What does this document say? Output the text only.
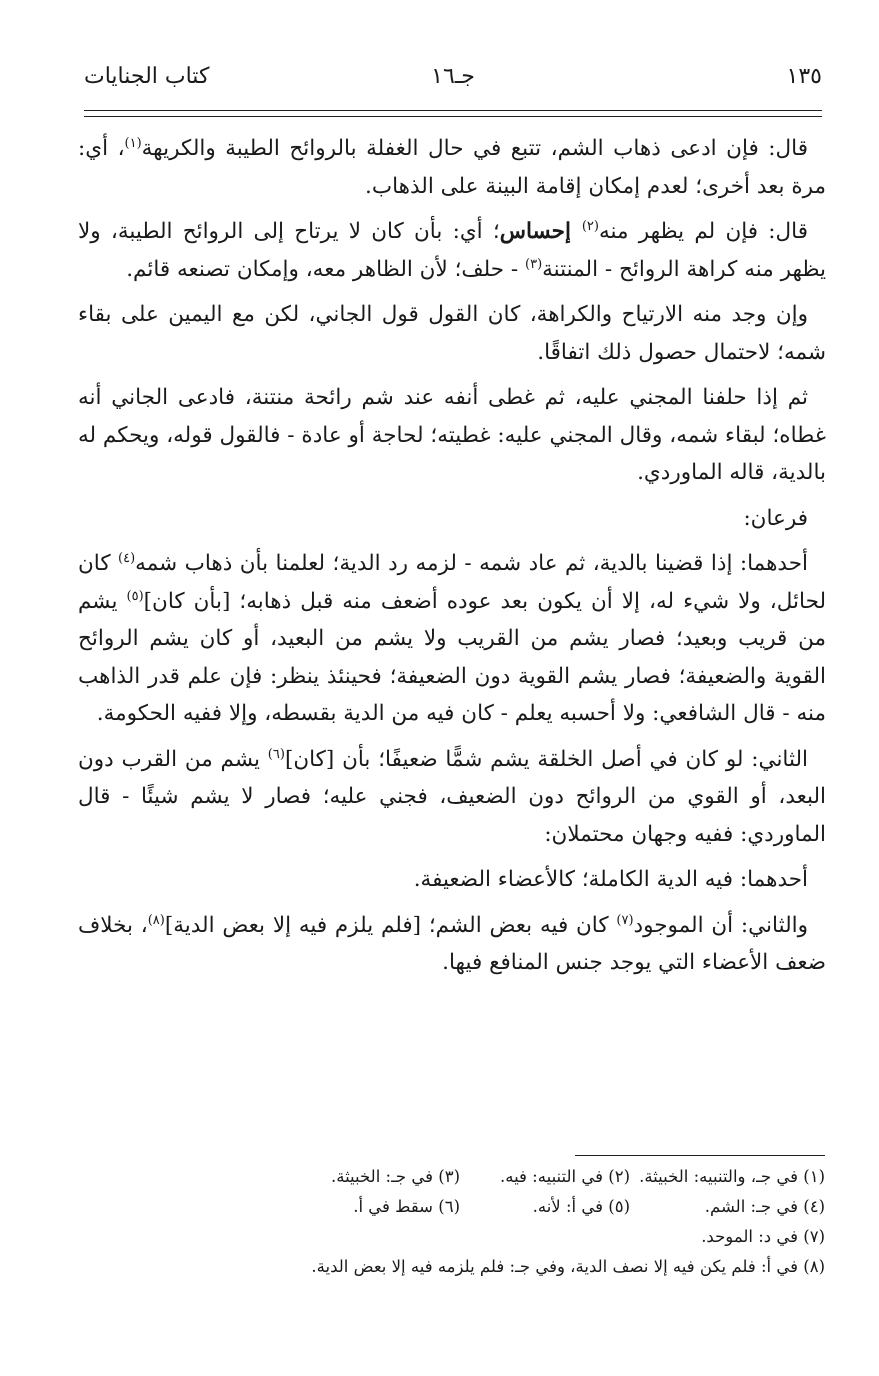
١٣٥
جـ١٦
كتاب الجنايات

قال: فإن ادعى ذهاب الشم، تتبع في حال الغفلة بالروائح الطيبة والكريهة$^{(١)}$، أي: مرة بعد أخرى؛ لعدم إمكان إقامة البينة على الذهاب.

قال: فإن لم يظهر منه$^{(٢)}$ إحساس؛ أي: بأن كان لا يرتاح إلى الروائح الطيبة، ولا يظهر منه كراهة الروائح - المنتنة$^{(٣)}$ - حلف؛ لأن الظاهر معه، وإمكان تصنعه قائم.

وإن وجد منه الارتياح والكراهة، كان القول قول الجاني، لكن مع اليمين على بقاء شمه؛ لاحتمال حصول ذلك اتفاقًا.

ثم إذا حلفنا المجني عليه، ثم غطى أنفه عند شم رائحة منتنة، فادعى الجاني أنه غطاه؛ لبقاء شمه، وقال المجني عليه: غطيته؛ لحاجة أو عادة - فالقول قوله، ويحكم له بالدية، قاله الماوردي.

فرعان:

أحدهما: إذا قضينا بالدية، ثم عاد شمه - لزمه رد الدية؛ لعلمنا بأن ذهاب شمه$^{(٤)}$ كان لحائل، ولا شيء له، إلا أن يكون بعد عوده أضعف منه قبل ذهابه؛ [بأن كان]$^{(٥)}$ يشم من قريب وبعيد؛ فصار يشم من القريب ولا يشم من البعيد، أو كان يشم الروائح القوية والضعيفة؛ فصار يشم القوية دون الضعيفة؛ فحينئذ ينظر: فإن علم قدر الذاهب منه - قال الشافعي: ولا أحسبه يعلم - كان فيه من الدية بقسطه، وإلا ففيه الحكومة.

الثاني: لو كان في أصل الخلقة يشم شمًّا ضعيفًا؛ بأن [كان]$^{(٦)}$ يشم من القرب دون البعد، أو القوي من الروائح دون الضعيف، فجني عليه؛ فصار لا يشم شيئًا - قال الماوردي: ففيه وجهان محتملان:

أحدهما: فيه الدية الكاملة؛ كالأعضاء الضعيفة.

والثاني: أن الموجود$^{(٧)}$ كان فيه بعض الشم؛ [فلم يلزم فيه إلا بعض الدية]$^{(٨)}$، بخلاف ضعف الأعضاء التي يوجد جنس المنافع فيها.

(١) في جـ، والتنبيه: الخبيثة.
(٢) في التنبيه: فيه.
(٣) في جـ: الخبيثة.
(٤) في جـ: الشم.
(٥) في أ: لأنه.
(٦) سقط في أ.
(٧) في د: الموحد.
(٨) في أ: فلم يكن فيه إلا نصف الدية، وفي جـ: فلم يلزمه فيه إلا بعض الدية.
